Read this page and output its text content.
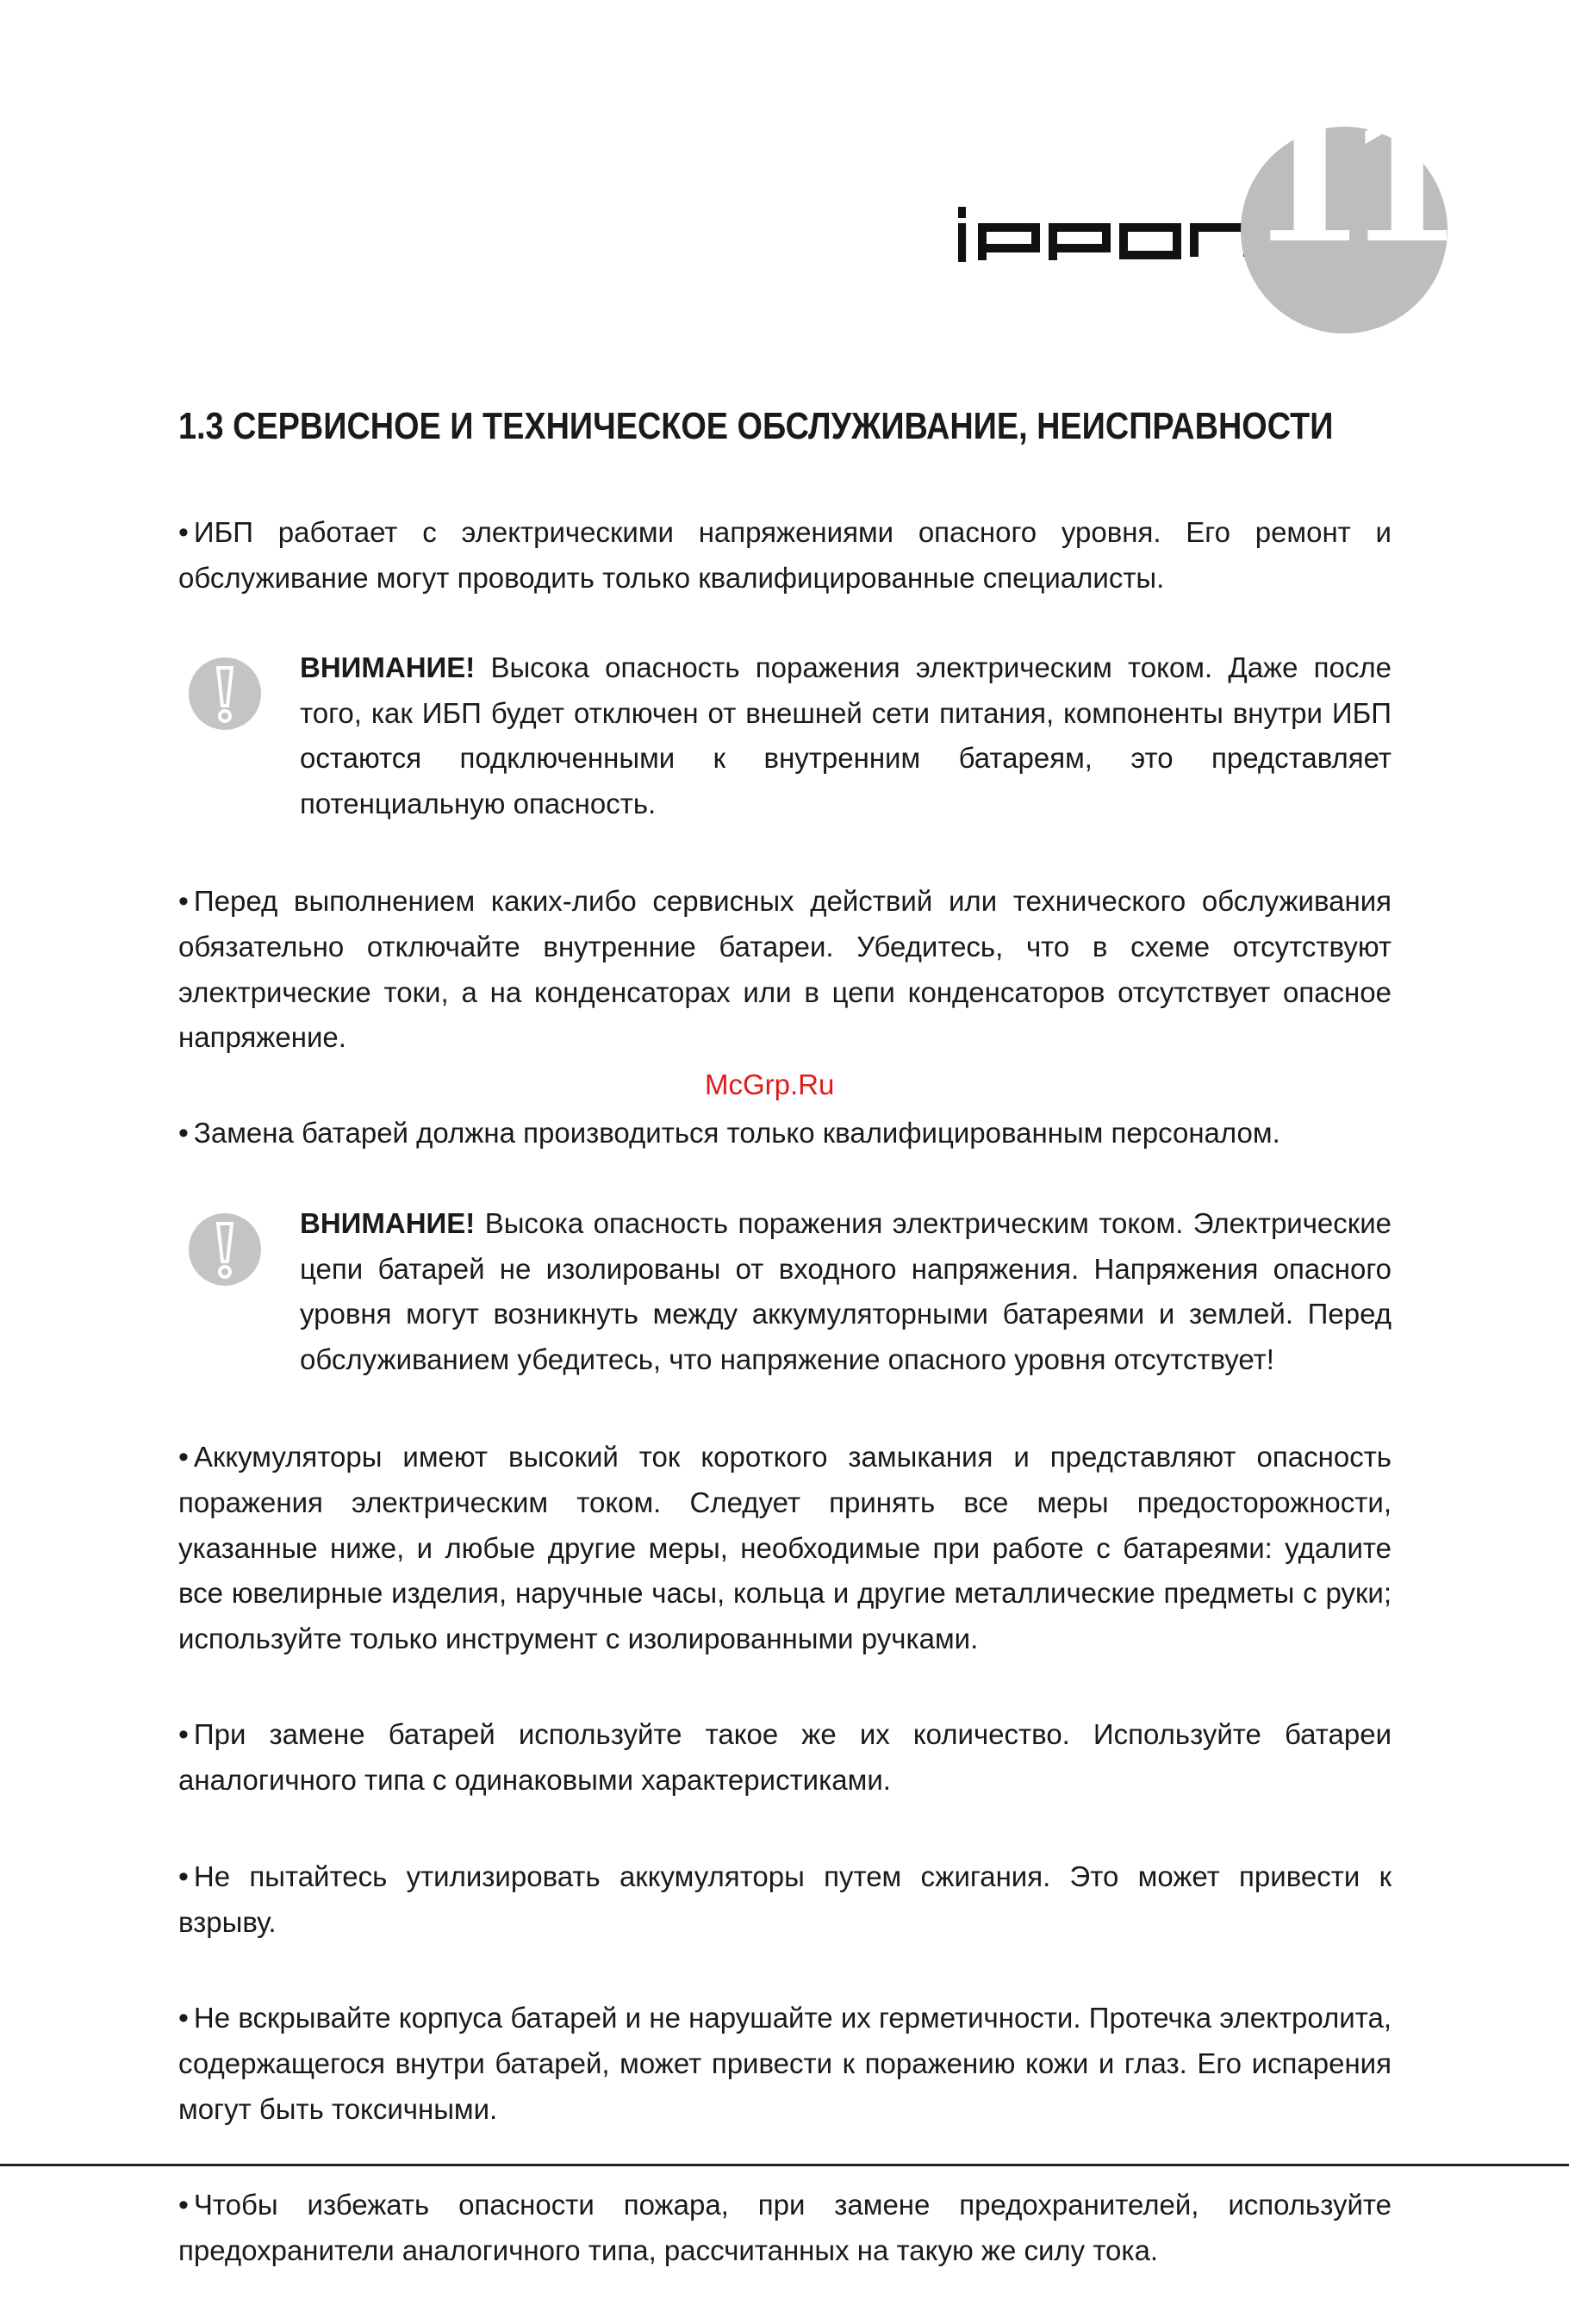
11
1.3 СЕРВИСНОЕ И ТЕХНИЧЕСКОЕ ОБСЛУЖИВАНИЕ, НЕИСПРАВНОСТИ

• ИБП работает с электрическими напряжениями опасного уровня. Его ремонт и обслуживание могут проводить только квалифицированные специалисты.

ВНИМАНИЕ! Высока опасность поражения электрическим током. Даже после того, как ИБП будет отключен от внешней сети питания, компоненты внутри ИБП остаются подключенными к внутренним батареям, это представляет потенциальную опасность.

• Перед выполнением каких-либо сервисных действий или технического обслуживания обязательно отключайте внутренние батареи. Убедитесь, что в схеме отсутствуют электрические токи, а на конденсаторах или в цепи конденсаторов отсутствует опасное напряжение.

• Замена батарей должна производиться только квалифицированным персоналом.

ВНИМАНИЕ! Высока опасность поражения электрическим током. Электрические цепи батарей не изолированы от входного напряжения. Напряжения опасного уровня могут возникнуть между аккумуляторными батареями и землей. Перед обслуживанием убедитесь, что напряжение опасного уровня отсутствует!

• Аккумуляторы имеют высокий ток короткого замыкания и представляют опасность поражения электрическим током. Следует принять все меры предосторожности, указанные ниже, и любые другие меры, необходимые при работе с батареями: удалите все ювелирные изделия, наручные часы, кольца и другие металлические предметы с руки; используйте только инструмент с изолированными ручками.

• При замене батарей используйте такое же их количество. Используйте батареи аналогичного типа с одинаковыми характеристиками.

• Не пытайтесь утилизировать аккумуляторы путем сжигания. Это может привести к взрыву.

• Не вскрывайте корпуса батарей и не нарушайте их герметичности. Протечка электролита, содержащегося внутри батарей, может привести к поражению кожи и глаз. Его испарения могут быть токсичными.

• Чтобы избежать опасности пожара, при замене предохранителей, используйте предохранители аналогичного типа, рассчитанных на такую же силу тока.

McGrp.Ru
